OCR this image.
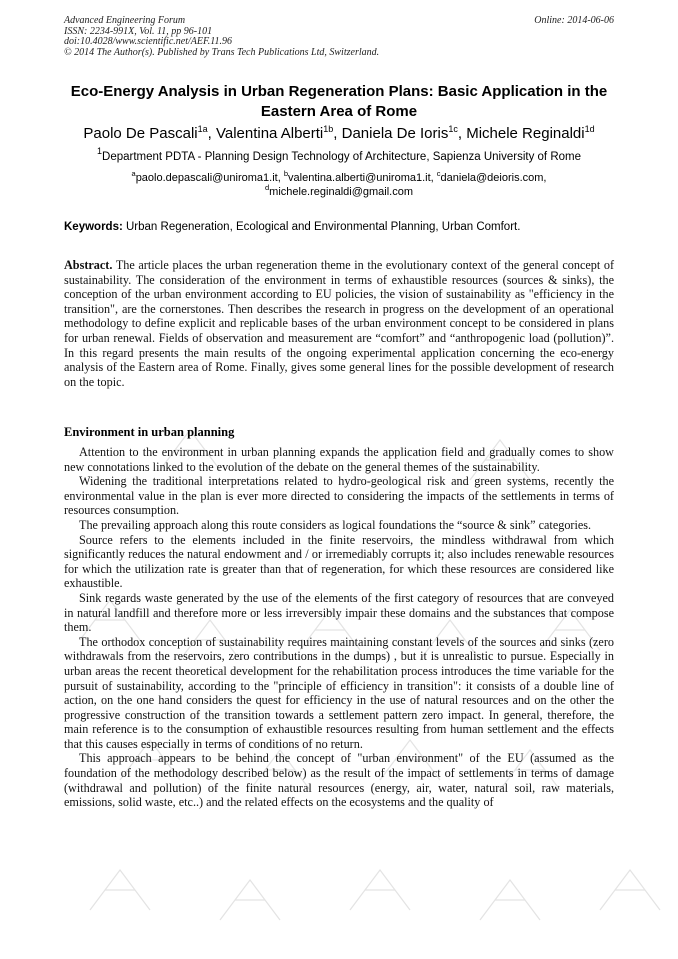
Advanced Engineering Forum
ISSN: 2234-991X, Vol. 11, pp 96-101
doi:10.4028/www.scientific.net/AEF.11.96
© 2014 The Author(s). Published by Trans Tech Publications Ltd, Switzerland.
Online: 2014-06-06
Eco-Energy Analysis in Urban Regeneration Plans: Basic Application in the Eastern Area of Rome
Paolo De Pascali$^{1a}$, Valentina Alberti$^{1b}$, Daniela De Ioris$^{1c}$, Michele Reginaldi$^{1d}$
$^1$Department PDTA - Planning Design Technology of Architecture, Sapienza University of Rome
$^a$paolo.depascali@uniroma1.it, $^b$valentina.alberti@uniroma1.it, $^c$daniela@deioris.com,
$^d$michele.reginaldi@gmail.com
Keywords: Urban Regeneration, Ecological and Environmental Planning, Urban Comfort.
Abstract. The article places the urban regeneration theme in the evolutionary context of the general concept of sustainability. The consideration of the environment in terms of exhaustible resources (sources & sinks), the conception of the urban environment according to EU policies, the vision of sustainability as "efficiency in the transition", are the cornerstones. Then describes the research in progress on the development of an operational methodology to define explicit and replicable bases of the urban environment concept to be considered in plans for urban renewal. Fields of observation and measurement are “comfort” and “anthropogenic load (pollution)”. In this regard presents the main results of the ongoing experimental application concerning the eco-energy analysis of the Eastern area of Rome. Finally, gives some general lines for the possible development of research on the topic.
Environment in urban planning

Attention to the environment in urban planning expands the application field and gradually comes to show new connotations linked to the evolution of the debate on the general themes of the sustainability.

Widening the traditional interpretations related to hydro-geological risk and green systems, recently the environmental value in the plan is ever more directed to considering the impacts of the settlements in terms of resources consumption.

The prevailing approach along this route considers as logical foundations the “source & sink” categories.

Source refers to the elements included in the finite reservoirs, the mindless withdrawal from which significantly reduces the natural endowment and / or irremediably corrupts it; also includes renewable resources for which the utilization rate is greater than that of regeneration, for which these resources are considered like exhaustible.

Sink regards waste generated by the use of the elements of the first category of resources that are conveyed in natural landfill and therefore more or less irreversibly impair these domains and the substances that compose them.

The orthodox conception of sustainability requires maintaining constant levels of the sources and sinks (zero withdrawals from the reservoirs, zero contributions in the dumps) , but it is unrealistic to pursue. Especially in urban areas the recent theoretical development for the rehabilitation process introduces the time variable for the pursuit of sustainability, according to the "principle of efficiency in transition": it consists of a double line of action, on the one hand considers the quest for efficiency in the use of natural resources and on the other the progressive construction of the transition towards a settlement pattern zero impact. In general, therefore, the main reference is to the consumption of exhaustible resources resulting from human settlement and the effects that this causes especially in terms of conditions of no return.

This approach appears to be behind the concept of "urban environment" of the EU (assumed as the foundation of the methodology described below) as the result of the impact of settlements in terms of damage (withdrawal and pollution) of the finite natural resources (energy, air, water, natural soil, raw materials, emissions, solid waste, etc..) and the related effects on the ecosystems and the quality of
